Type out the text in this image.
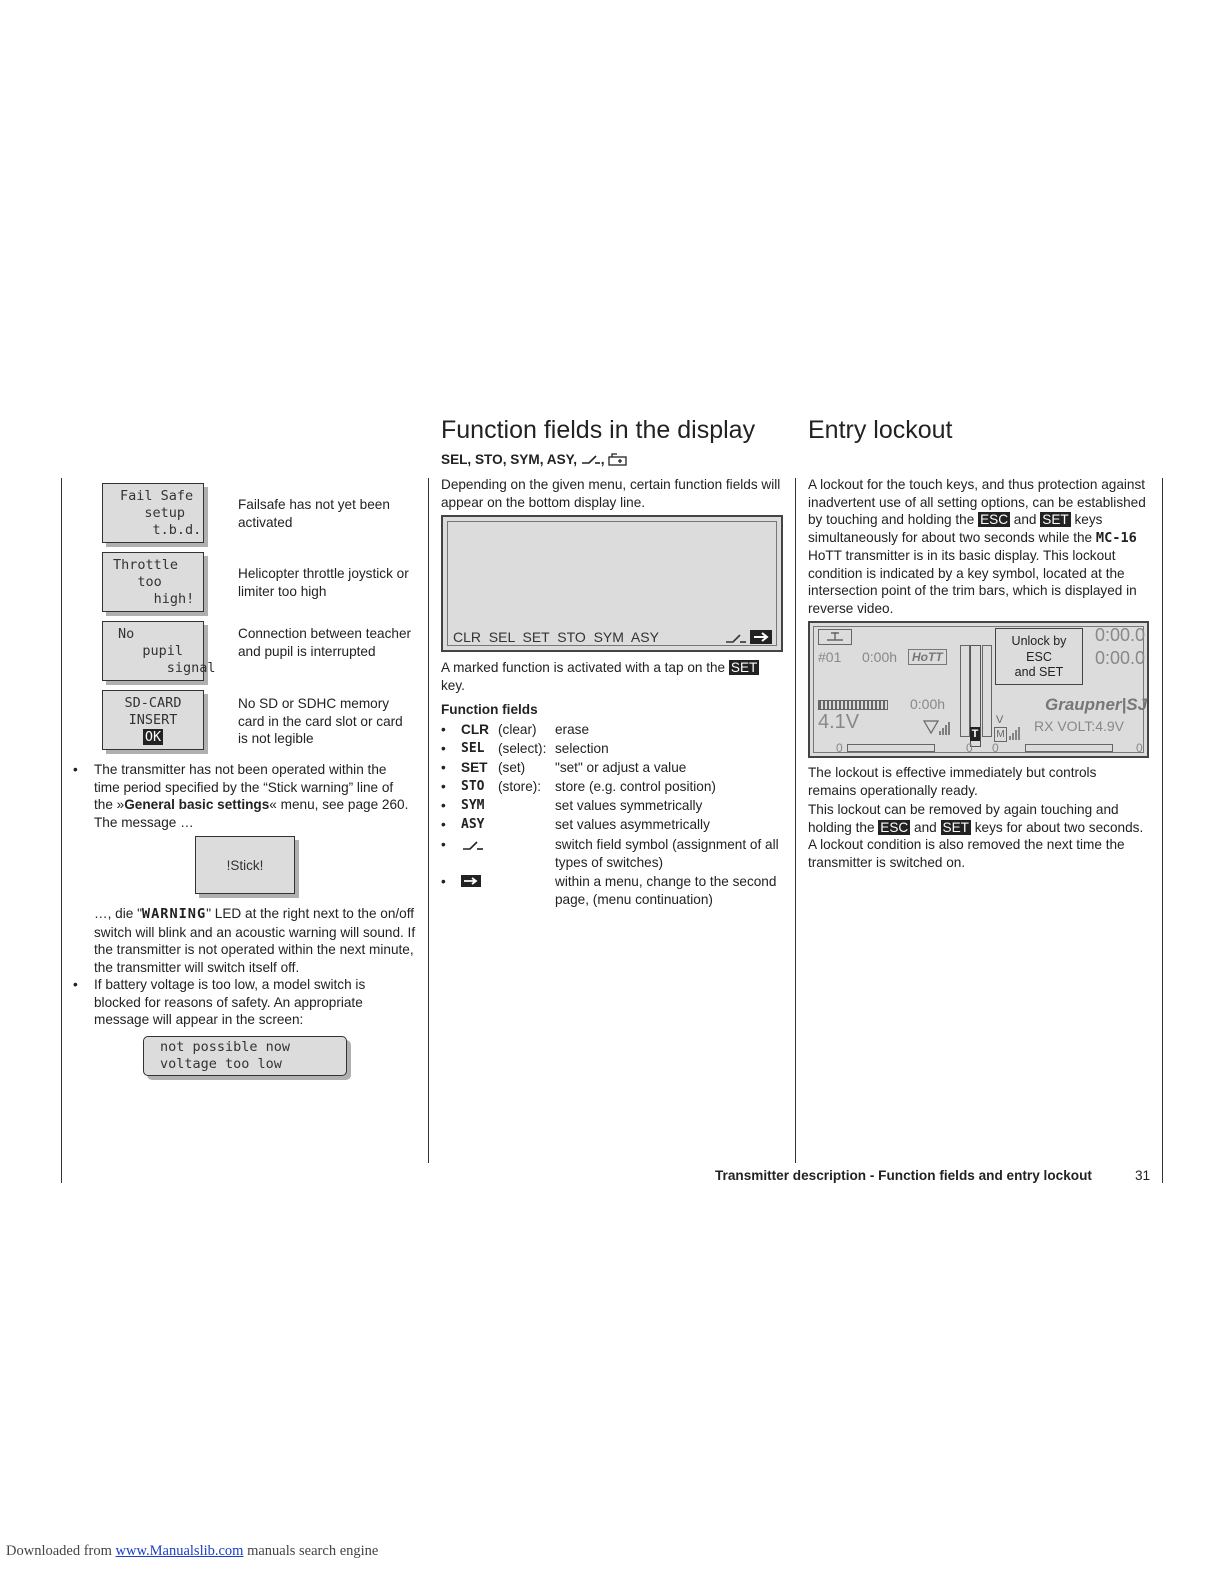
Fail Safe
setup
t.b.d.
Failsafe has not yet been activated
Throttle
too
high!
Helicopter throttle joystick or limiter too high
No
pupil
signal
Connection between teacher and pupil is interrupted
SD-CARD
INSERT
OK
No SD or SDHC memory card in the card slot or card is not legible
• The transmitter has not been operated within the time period specified by the “Stick warning” line of the »General basic settings« menu, see page 260. The message …
!Stick!
…, die "WARNING" LED at the right next to the on/off switch will blink and an acoustic warning will sound. If the transmitter is not operated within the next minute, the transmitter will switch itself off.
• If battery voltage is too low, a model switch is blocked for reasons of safety. An appropriate message will appear in the screen:
not possible now
voltage too low
Function fields in the display
SEL, STO, SYM, ASY, ,
Depending on the given menu, certain function fields will appear on the bottom display line.
CLR  SEL  SET  STO  SYM  ASY
A marked function is activated with a tap on the SET key.
Function fields
• CLR (clear) erase
• SEL (select): selection
• SET (set) "set" or adjust a value
• STO (store): store (e.g. control position)
• SYM	set values symmetrically
• ASY	set values asymmetrically
•	switch field symbol (assignment of all types of switches)
•	within a menu, change to the second page, (menu continuation)
Entry lockout
A lockout for the touch keys, and thus protection against inadvertent use of all setting options, can be established by touching and holding the ESC and SET keys simultaneously for about two seconds while the MC-16 HoTT transmitter is in its basic display. This lockout condition is indicated by a key symbol, located at the intersection point of the trim bars, which is displayed in reverse video.
#01 0:00h	HoTT
T
Unlock by
ESC
and SET
0:00.0
0:00.0
0:00h
4.1V	V
M
Graupner|SJ
RX VOLT:4.9V
0	0 0	0
The lockout is effective immediately but controls remains operationally ready.
This lockout can be removed by again touching and holding the ESC and SET keys for about two seconds. A lockout condition is also removed the next time the transmitter is switched on.
Transmitter description - Function fields and entry lockout	31
Downloaded from www.Manualslib.com manuals search engine
